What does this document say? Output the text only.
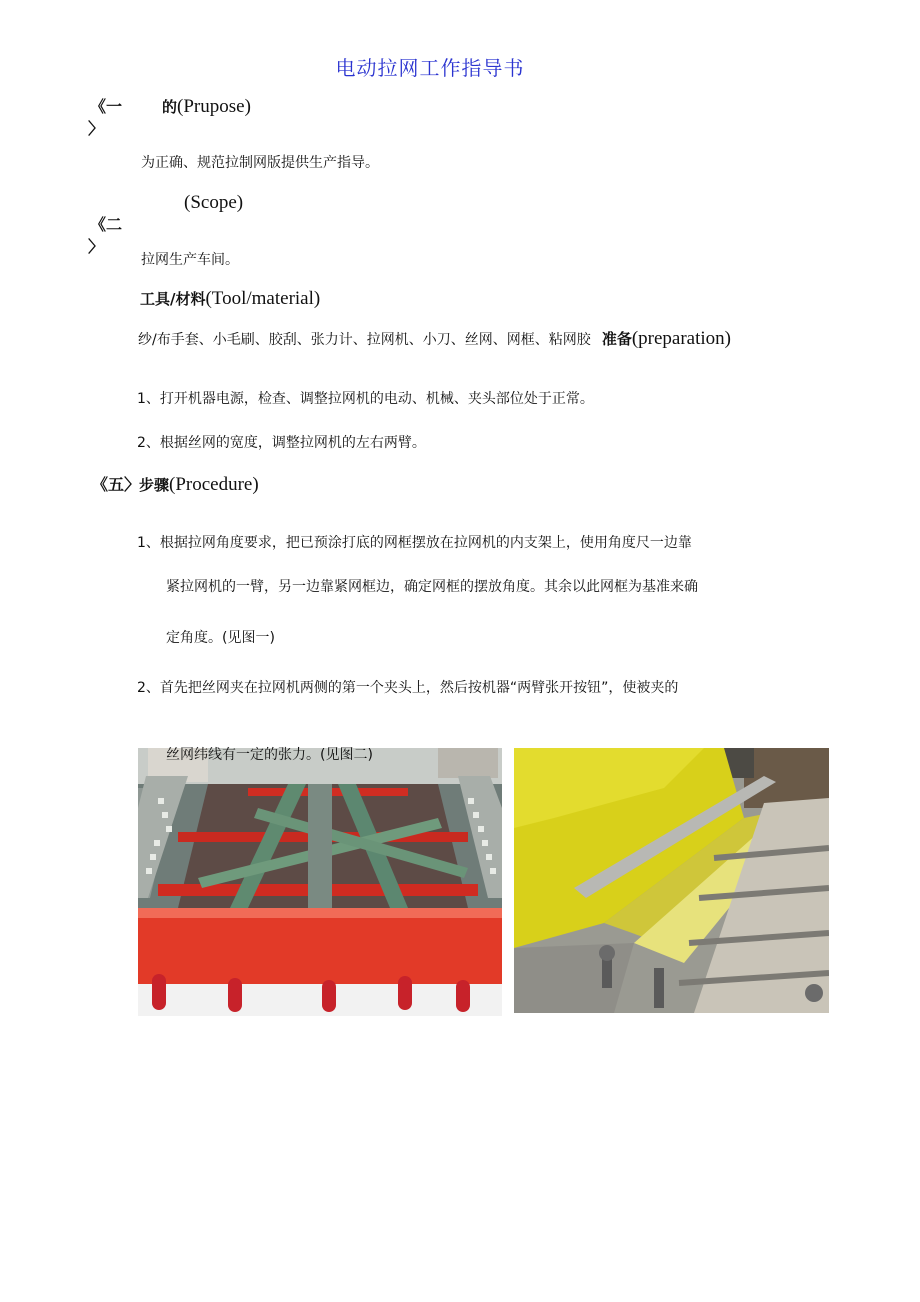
电动拉网工作指导书
《一
〉
的(Prupose)
为正确、规范拉制网版提供生产指导。
(Scope)
《二
〉
拉网生产车间。
工具/材料(Tool/material)
纱/布手套、小毛刷、胶刮、张力计、拉网机、小刀、丝网、网框、粘网胶 准备(preparation)
1、打开机器电源，检查、调整拉网机的电动、机械、夹头部位处于正常。
2、根据丝网的宽度，调整拉网机的左右两臂。
《五〉
步骤(Procedure)
1、根据拉网角度要求，把已预涂打底的网框摆放在拉网机的内支架上，使用角度尺一边靠
紧拉网机的一臂，另一边靠紧网框边，确定网框的摆放角度。其余以此网框为基准来确
定角度。(见图一)
2、首先把丝网夹在拉网机两侧的第一个夹头上，然后按机器“两臂张开按钮”，使被夹的
丝网纬线有一定的张力。(见图二)
